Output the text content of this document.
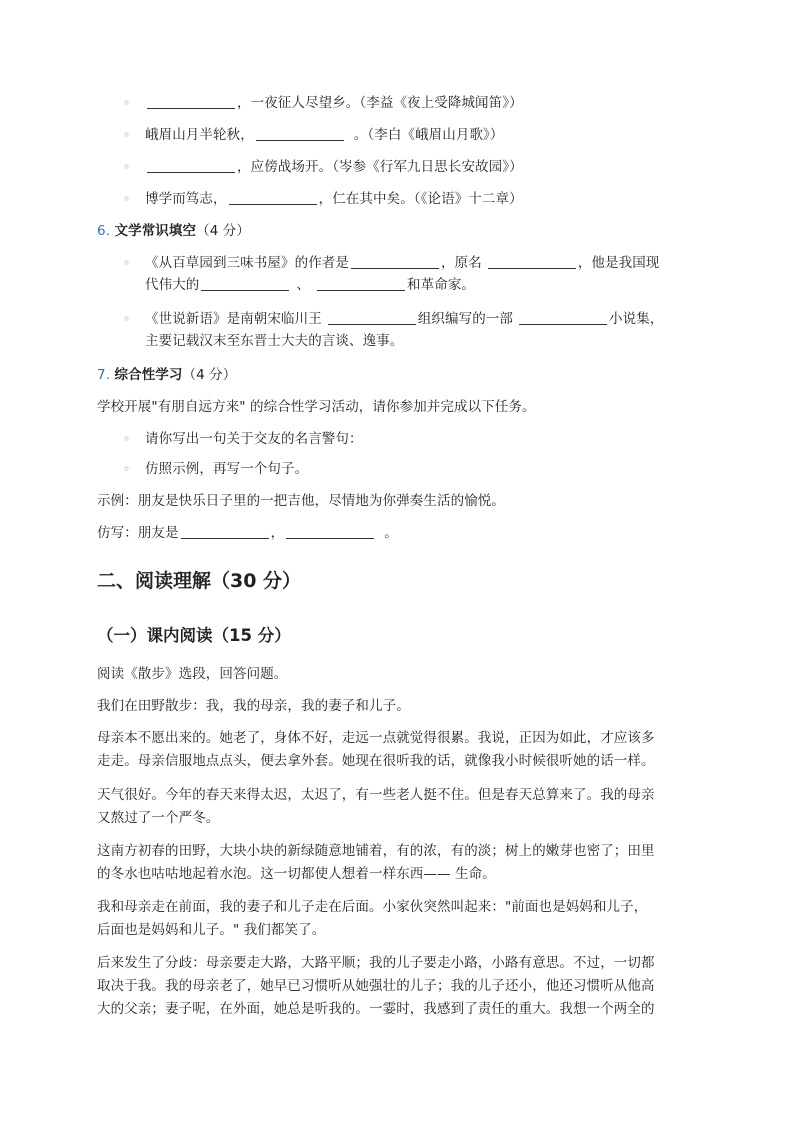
◦	，一夜征人尽望乡。（李益《夜上受降城闻笛》）
◦ 峨眉山月半轮秋，	。（李白《峨眉山月歌》）
◦	，应傍战场开。（岑参《行军九日思长安故园》）
◦ 博学而笃志，	，仁在其中矣。（《论语》十二章）
6. 文学常识填空（4 分）
◦ 《从百草园到三味书屋》的作者是	，原名	，他是我国现
代伟大的	、	和革命家。
◦ 《世说新语》是南朝宋临川王	组织编写的一部	小说集，
主要记载汉末至东晋士大夫的言谈、逸事。
7. 综合性学习（4 分）
学校开展"有朋自远方来" 的综合性学习活动，请你参加并完成以下任务。
◦ 请你写出一句关于交友的名言警句：
◦ 仿照示例，再写一个句子。
示例：朋友是快乐日子里的一把吉他，尽情地为你弹奏生活的愉悦。
仿写：朋友是	，	。
二、阅读理解（30 分）
（一）课内阅读（15 分）
阅读《散步》选段，回答问题。
我们在田野散步：我，我的母亲，我的妻子和儿子。
母亲本不愿出来的。她老了，身体不好，走远一点就觉得很累。我说，正因为如此，才应该多
走走。母亲信服地点点头，便去拿外套。她现在很听我的话，就像我小时候很听她的话一样。
天气很好。今年的春天来得太迟，太迟了，有一些老人挺不住。但是春天总算来了。我的母亲
又熬过了一个严冬。
这南方初春的田野，大块小块的新绿随意地铺着，有的浓，有的淡；树上的嫩芽也密了；田里
的冬水也咕咕地起着水泡。这一切都使人想着一样东西—— 生命。
我和母亲走在前面，我的妻子和儿子走在后面。小家伙突然叫起来："前面也是妈妈和儿子，
后面也是妈妈和儿子。" 我们都笑了。
后来发生了分歧：母亲要走大路，大路平顺；我的儿子要走小路，小路有意思。不过，一切都
取决于我。我的母亲老了，她早已习惯听从她强壮的儿子；我的儿子还小，他还习惯听从他高
大的父亲；妻子呢，在外面，她总是听我的。一霎时，我感到了责任的重大。我想一个两全的
